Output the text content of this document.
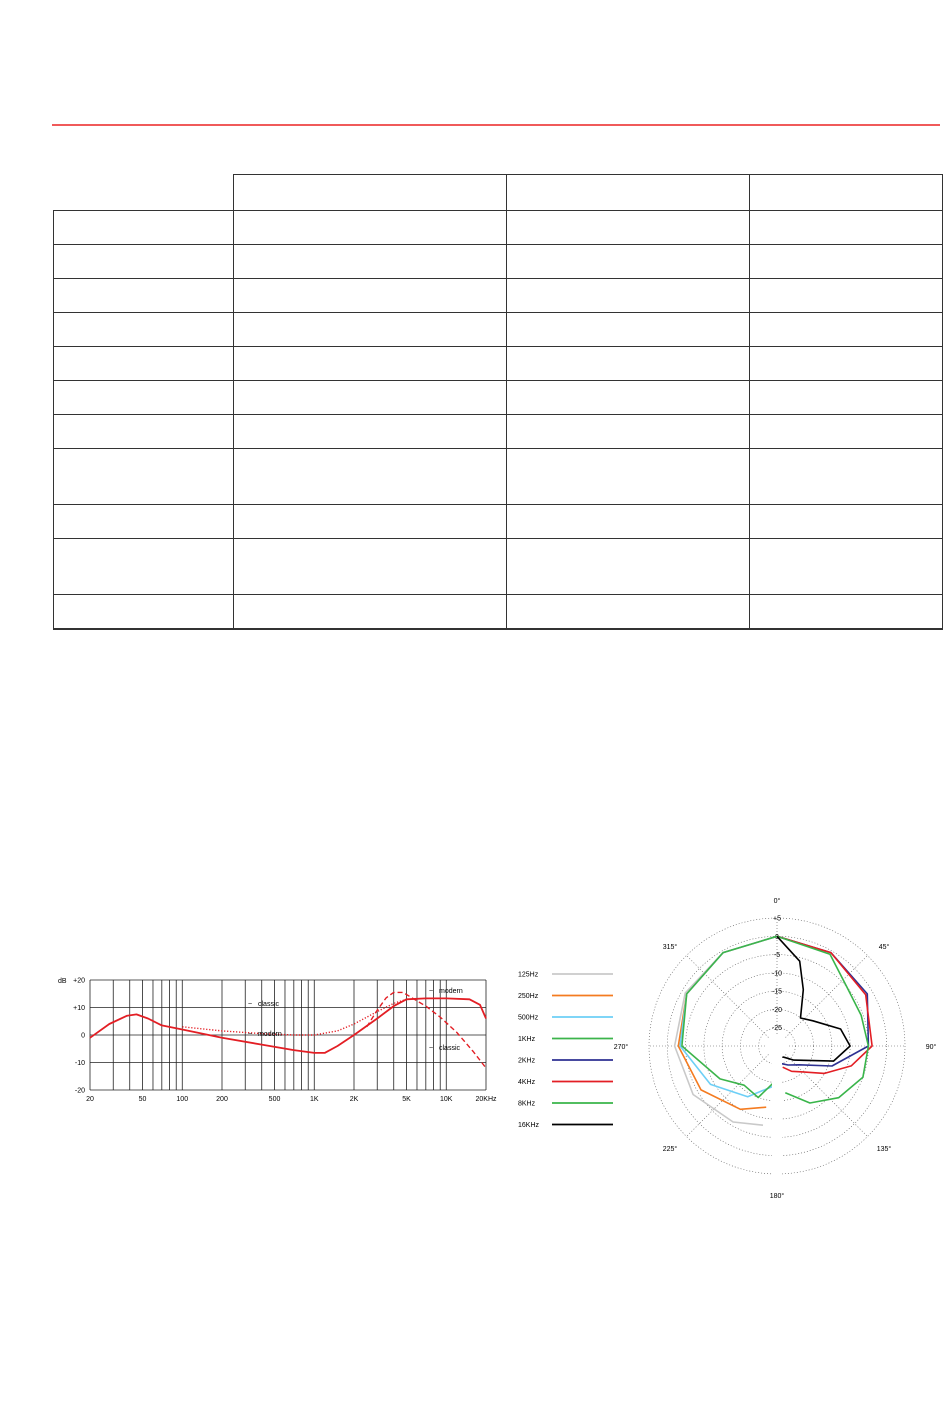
+20
+10
0
-10
-20
20	50	100	200	500	1K	2K	5K	10K	20KHz
dB
~ classic
~ modern
~ modern
~ classic
125Hz
250Hz
500Hz
1KHz
2KHz
4KHz
8KHz
16KHz
+5
0
-5
-10
-15
-20
-25
0°
45°
90°
135°
180°
225°
270°
315°
